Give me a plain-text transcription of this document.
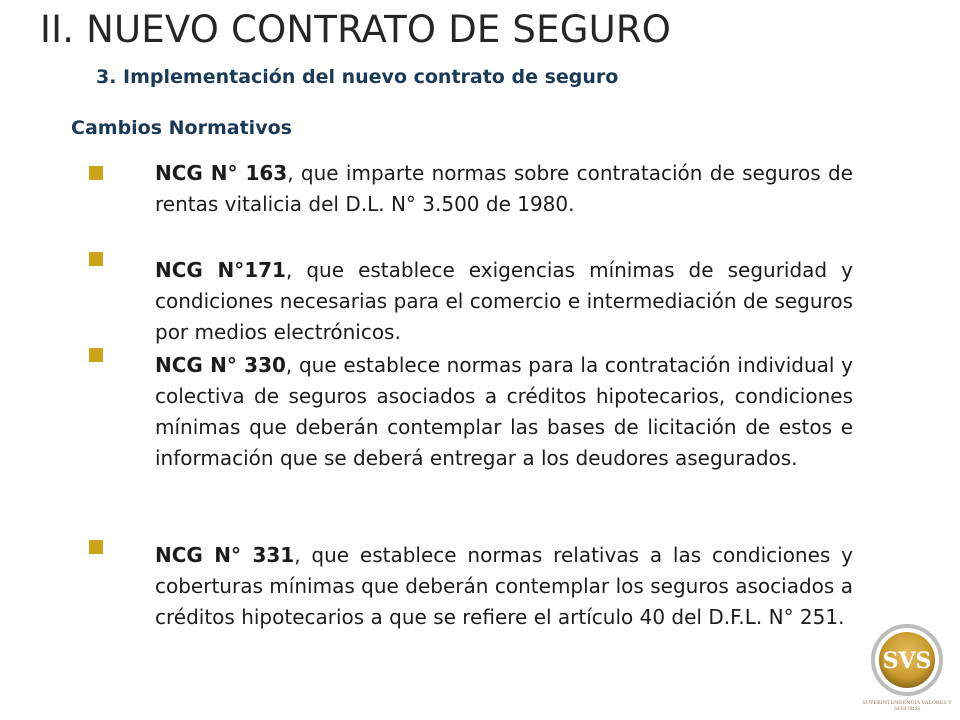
II. NUEVO CONTRATO DE SEGURO
3. Implementación del nuevo contrato de seguro
Cambios Normativos
NCG N° 163, que imparte normas sobre contratación de seguros de rentas vitalicia del D.L. N° 3.500 de 1980.
NCG N°171, que establece exigencias mínimas de seguridad y condiciones necesarias para el comercio e intermediación de seguros por medios electrónicos.
NCG N° 330, que establece normas para la contratación individual y colectiva de seguros asociados a créditos hipotecarios, condiciones mínimas que deberán contemplar las bases de licitación de estos e información que se deberá entregar a los deudores asegurados.
NCG N° 331, que establece normas relativas a las condiciones y coberturas mínimas que deberán contemplar los seguros asociados a créditos hipotecarios a que se refiere el artículo 40 del D.F.L. N° 251.
SVS
SUPERINTENDENCIA VALORES Y SEGUROS
